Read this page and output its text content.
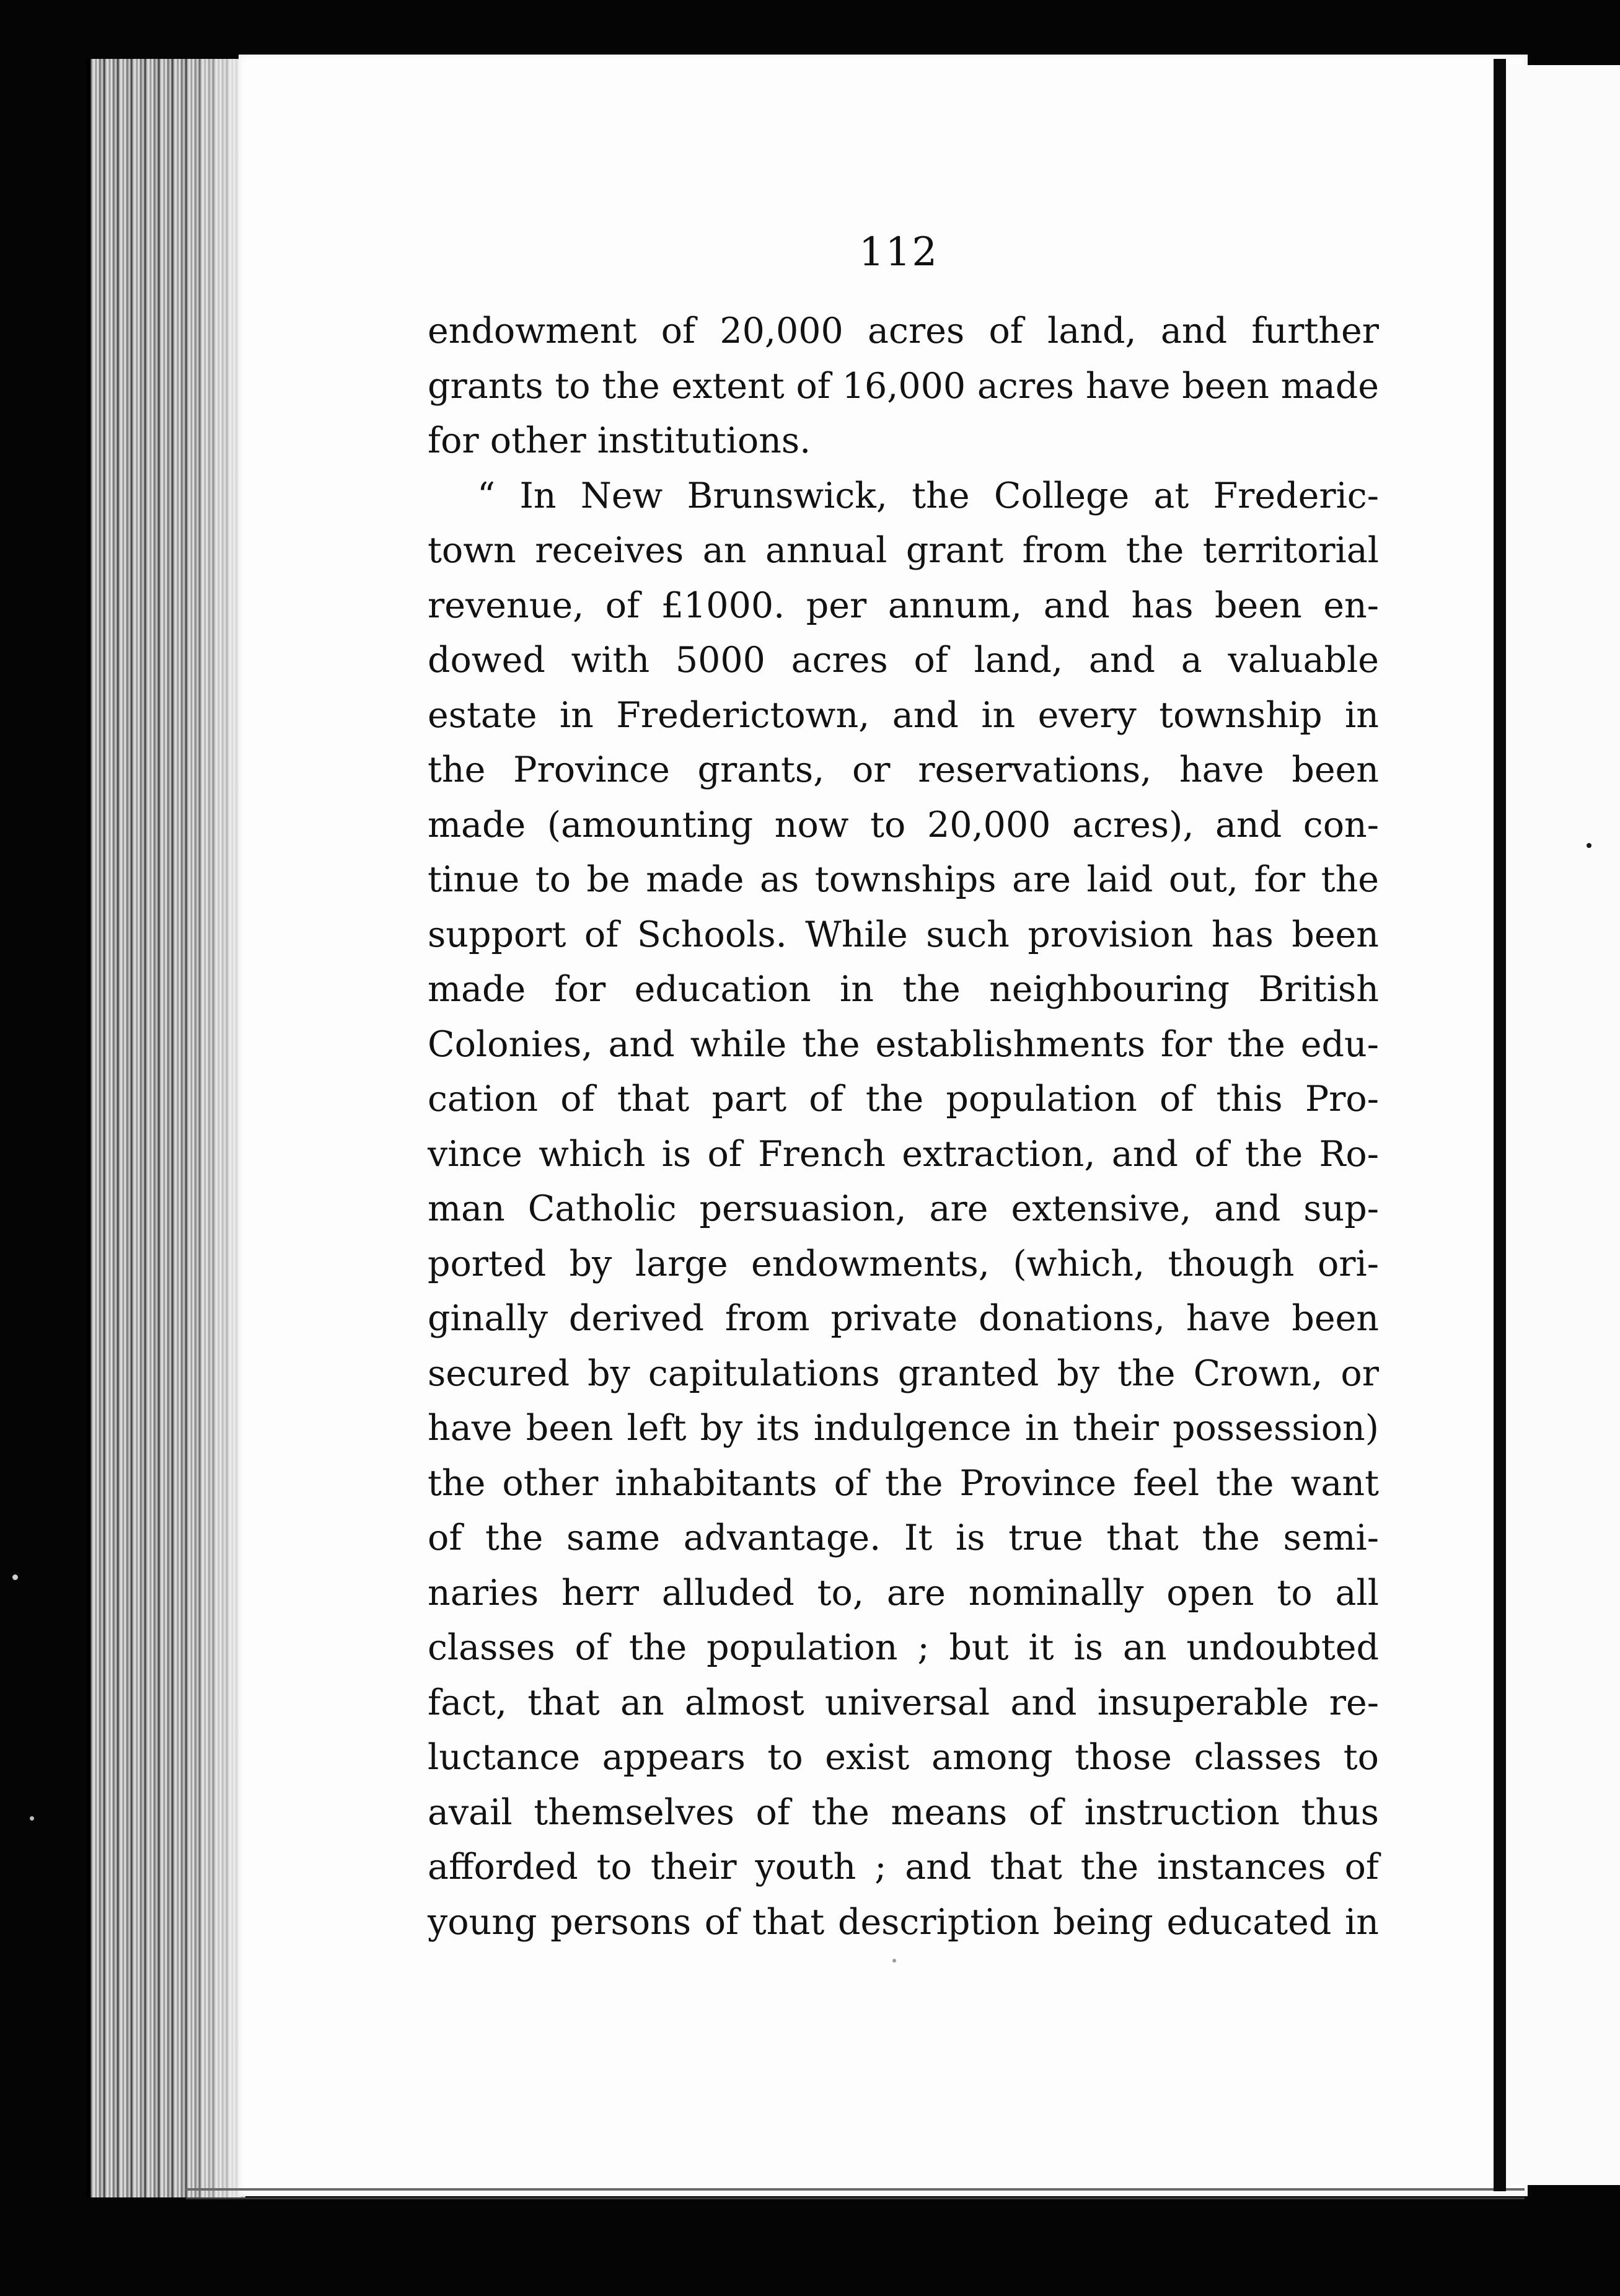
112
endowment of 20,000 acres of land, and further
grants to the extent of 16,000 acres have been made
for other institutions.
“ In New Brunswick, the College at Frederic-
town receives an annual grant from the territorial
revenue, of £1000. per annum, and has been en-
dowed with 5000 acres of land, and a valuable
estate in Frederictown, and in every township in
the Province grants, or reservations, have been
made (amounting now to 20,000 acres), and con-
tinue to be made as townships are laid out, for the
support of Schools. While such provision has been
made for education in the neighbouring British
Colonies, and while the establishments for the edu-
cation of that part of the population of this Pro-
vince which is of French extraction, and of the Ro-
man Catholic persuasion, are extensive, and sup-
ported by large endowments, (which, though ori-
ginally derived from private donations, have been
secured by capitulations granted by the Crown, or
have been left by its indulgence in their possession)
the other inhabitants of the Province feel the want
of the same advantage. It is true that the semi-
naries herr alluded to, are nominally open to all
classes of the population ; but it is an undoubted
fact, that an almost universal and insuperable re-
luctance appears to exist among those classes to
avail themselves of the means of instruction thus
afforded to their youth ; and that the instances of
young persons of that description being educated in
